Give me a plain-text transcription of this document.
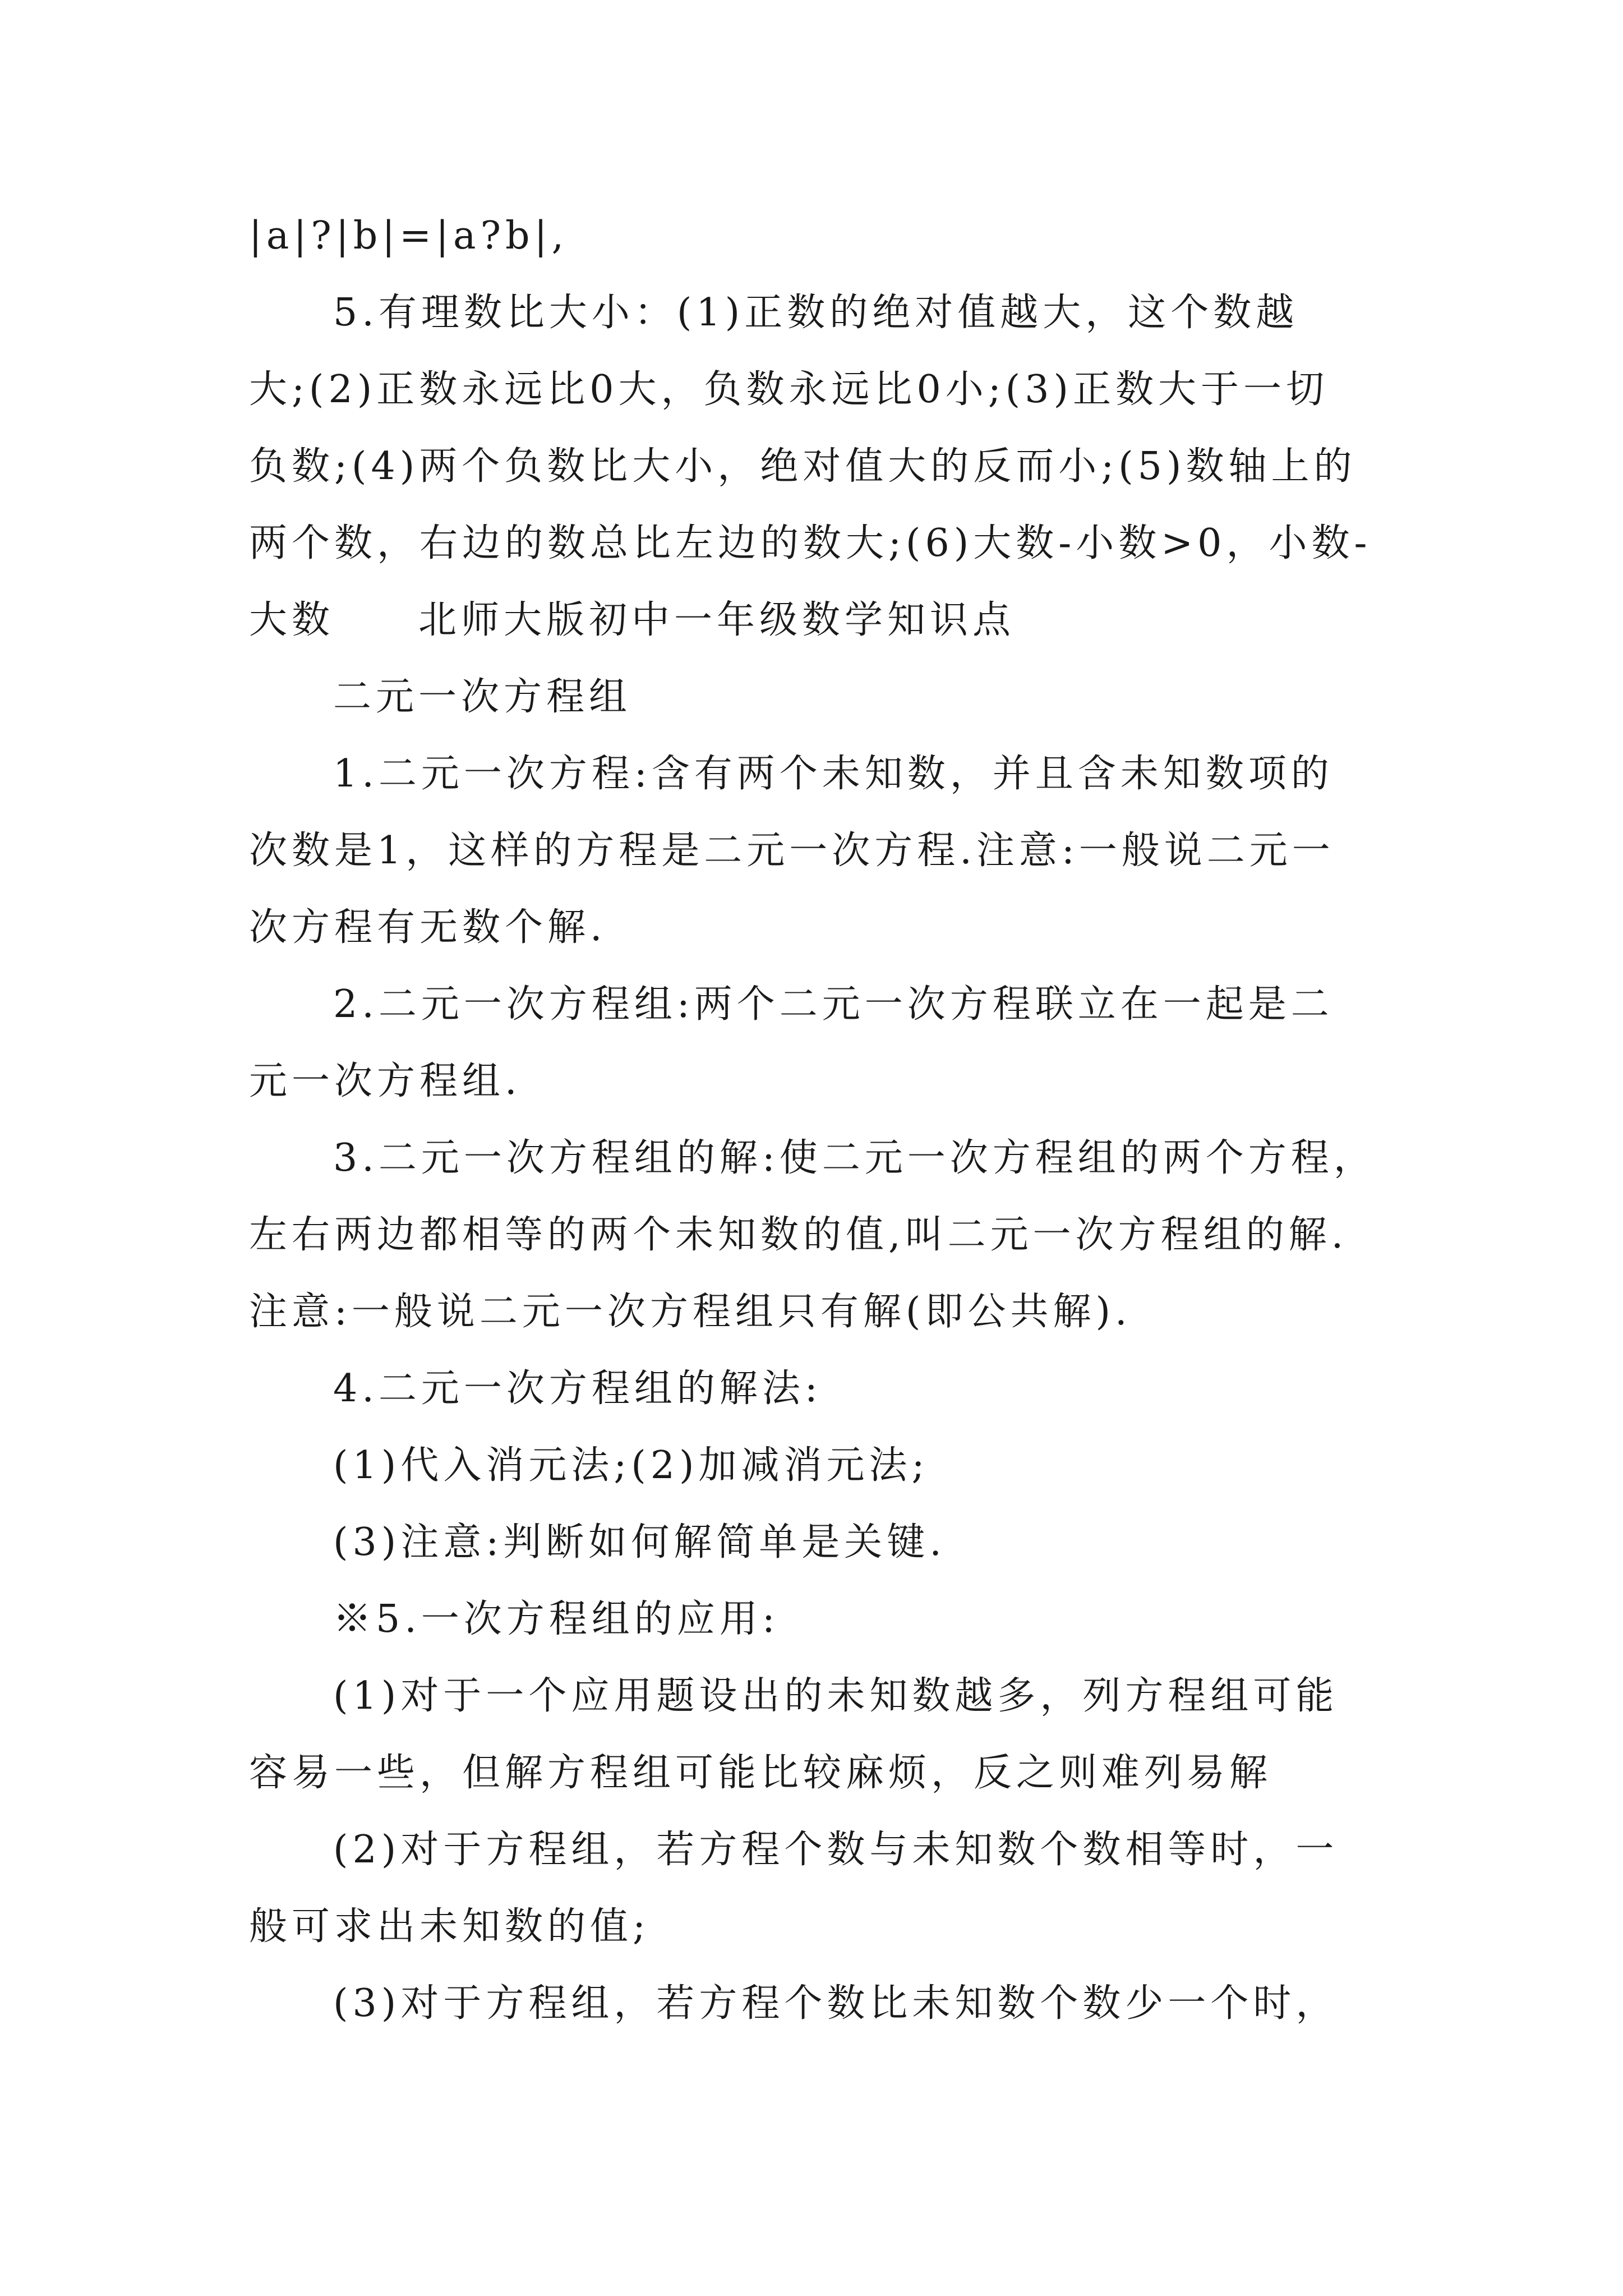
|a|?|b|=|a?b|,
5.有理数比大小：(1)正数的绝对值越大，这个数越
大;(2)正数永远比0大，负数永远比0小;(3)正数大于一切
负数;(4)两个负数比大小，绝对值大的反而小;(5)数轴上的
两个数，右边的数总比左边的数大;(6)大数-小数>0，小数-
大数 北师大版初中一年级数学知识点
二元一次方程组
1.二元一次方程:含有两个未知数，并且含未知数项的
次数是1，这样的方程是二元一次方程.注意:一般说二元一
次方程有无数个解.
2.二元一次方程组:两个二元一次方程联立在一起是二
元一次方程组.
3.二元一次方程组的解:使二元一次方程组的两个方程，
左右两边都相等的两个未知数的值,叫二元一次方程组的解.
注意:一般说二元一次方程组只有解(即公共解).
4.二元一次方程组的解法:
(1)代入消元法;(2)加减消元法;
(3)注意:判断如何解简单是关键.
※5.一次方程组的应用:
(1)对于一个应用题设出的未知数越多，列方程组可能
容易一些，但解方程组可能比较麻烦，反之则难列易解
(2)对于方程组，若方程个数与未知数个数相等时，一
般可求出未知数的值;
(3)对于方程组，若方程个数比未知数个数少一个时，
